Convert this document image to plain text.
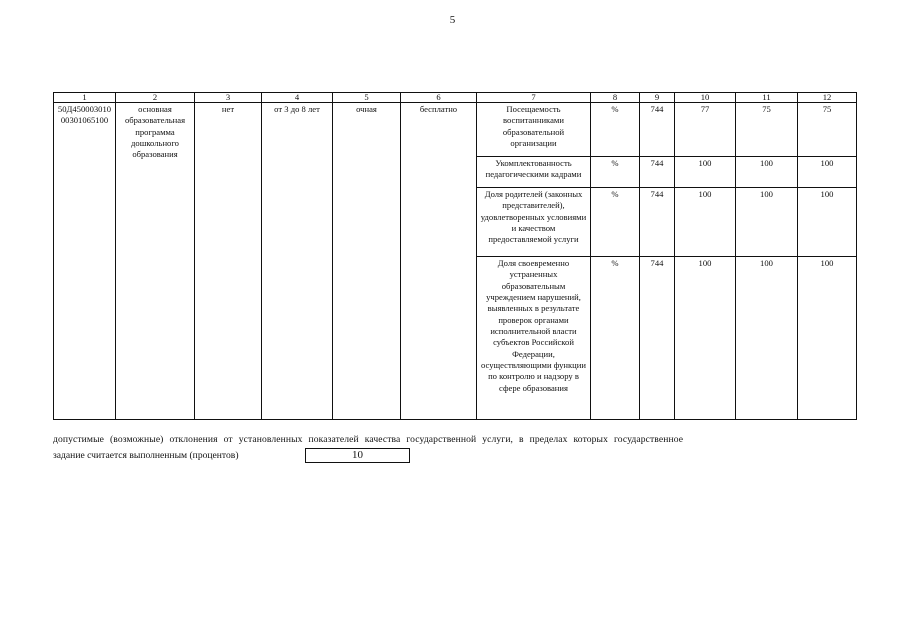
5
1	2	3	4	5	6	7	8	9	10	11	12
50Д45000301000301065100	основная образовательная программа дошкольного образования	нет	от 3 до 8 лет	очная	бесплатно	Посещаемость воспитанниками образовательной организации	%	744	77	75	75
						Укомплектованность педагогическими кадрами	%	744	100	100	100
						Доля родителей (законных представителей), удовлетворенных условиями и качеством предоставляемой услуги	%	744	100	100	100
						Доля своевременно устраненных образовательным учреждением нарушений, выявленных в результате проверок органами исполнительной власти субъектов Российской Федерации, осуществляющими функции по контролю и надзору в сфере образования	%	744	100	100	100
допустимые (возможные) отклонения от установленных показателей качества государственной услуги, в пределах которых государственное
задание считается выполненным (процентов)	10
